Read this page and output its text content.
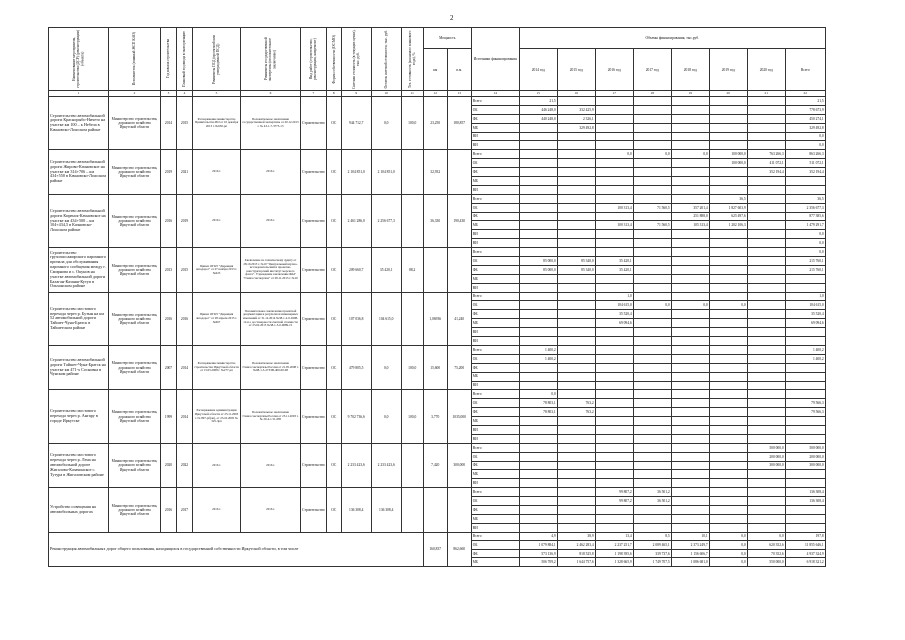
2
Наименование мероприятия, строительства (ДСР) (реконструкции) (объекта)	Исполнитель (главный ЖСП КАО)	Год начала строительства	Плановый год ввода в эксплуатацию	Реквизиты ПСД (проектной или утвержденной ПСД)	Реквизиты государственной экспертизы (положительное заключение)	Вид работ (строительство, реконструкция, капремонт)	Форма собственности (ОС/МО)	Сметная стоимость (в текущих ценах), тыс. руб.	Остаток сметной стоимости, тыс. руб.	Тех. готовность (на начало планового года), %	Мощность		Источники финансирования	Объемы финансирования, тыс.руб.							
											км	п.м.		2014 год	2015 год	2016 год	2017 год	2018 год	2019 год	2020 год	Всего
1	2	3	4	5	6	7	8	9	10	11	12	13	14	15	16	17	18	19	20	21	22
Строительство автомобильной дороги Краснорыбо-Ничето на участке км 100 – к Небела в Качновско-Лоасском районе	Министерство строительства, дорожного хозяйства Иркутской области	2014	2015	Распоряжение министерства Правительства ИО от 10 декабря 2013 г. №650-рп	Положительное заключение государственной экспертизы от 20.12.2013 г. № 43-1-7-3775-13	Строительство	ОС	944 712,7	0,0	100,0	23,250	180,857	Всего	21,5							21,5
													ОБ	446 248,0	332 425,9						778 673,9
													ФБ	440 248,0	2 326,1						450 274,1
													МБ		329 492,8						329 492,8
													ВИ								0,0
													ВИ								0,0
Строительство автомобильной дороги Жирово-Качновское на участке км 314+706 – км 434+550 в Качновско-Лоасском районе	Министерство строительства, дорожного хозяйства Иркутской области	2019	2021	2016 г.	2016 г.	Строительство	ОС	2 104 851,0	2 104 851,0		32,932		Всего			0,0	0,0	0,0	100 000,0	763 266,3	863 266,3
													ОБ						100 000,0	411 072,1	511 072,1
													ФБ							352 194,4	352 194,4
													МБ								
													ВИ								
Строительство автомобильной дороги Киренск-Качновское на участке км 434+500 – км 104+434,5 в Качновско-Лоасском районе	Министерство строительства, дорожного хозяйства Иркутской области	2016	2019	2016 г.	2016 г.	Строительство	ОС	2 461 286,0	2 256 677,3		36,330	190,430	Всего						36,5		36,5
													ОБ			100 313,4	71 560,5	357 201,4	1 827 603,9		2 356 677,3
													ФБ					251 888,0	625 497,6		877 385,6
													МБ			100 313,4	71 560,5	105 313,4	1 202 106,3		1 479 291,7
													ВИ								0,0
													ВИ								0,0
Строительство грузопассажирского паромного причала для обслуживания паромного сообщения между г. Смирнова и с. Окунов на участке автомобильной дороги Балаган-Казанш-Кутуп в Ольхонском районе	Министерство строительства, дорожного хозяйства Иркутской области	2013	2015	Приказ ОГКУ "Дирекция автодорог" от 27 ноября 2013 г. №623	Заключение по техническому аудиту от 28.10.2013 г. №10 "Центральный научно-исследовательский и проектно-конструкторский институт морского флота". Учреждение заключение ФАУ "Главгосэкспертиза" от 28.11.2013 г. №10	Строительство	ОС	209 660,7	35 420,1	88,2			Всего								0,0
													ОБ	85 000,0	85 340,0	35 420,1					215 760,1
													ФБ	85 000,0	85 340,0	35 420,1					215 760,1
													МБ								
													ВИ								
Строительство мостового перехода через р. Бутын на км 52 автомобильной дороги Тайшет-Чуна-Братск в Тайшетском районе	Министерство строительства, дорожного хозяйства Иркутской области	2016	2016	Приказ ОГКУ "Дирекция автодорог" от 28 апреля 2015 г. №667	Положительное заключение проектной документации и результатов инженерных изысканий от 31.12.2014 №38-1-2-0-0208-14 и о достоверности сметной стоимости от 25.02.2015 №38-1-5-0-0089-15	Строительство	ОС	107 036,8	104 615,0		1,06936	41,240	Всего			1,0					1,0
													ОБ			104 615,0	0,0	0,0	0,0		104 615,0
													ФБ			35 520,4					35 520,4
													МБ			69 094,6					69 094,6
													ВИ								
													ВИ								
Строительство автомобильной дороги Тайшет-Чуна-Братск на участке км 471-х Сосновка в Чунском районе	Министерство строительства, дорожного хозяйства Иркутской области	2007	2014	Распоряжение министерства строительства Иркутской области от 15.05.2008 г. №277-рп	Положительное заключение Главгосэкспертизы России от 21.05.2008 г. №08-1-3-273/08-400-00-08	Строительство	ОС	479 805,5	0,0	100,0	15,600	75,200	Всего	1 400,2							1 400,2
													ОБ	1 400,2							1 400,2
													ФБ								
													МБ								
													ВИ								
Строительство мостового перехода через р. Ангару в городе Иркутске	Министерство строительства, дорожного хозяйства Иркутской области	1999	2014	Распоряжение администрации Иркутской области от 25.11.2003 г. № 807-рб(ап), от 25.10.2005 № 325-3рп	Положительное заключение Главгосэкспертизы России от 25.11.2003 г. № 20-4-1/11-085	Строительство	ОС	9 702 736,6	0,0	100,0	3,770	1035,000	Всего	0,0							
													ОБ	78 803,1	763,2						79 566,3
													ФБ	78 803,1	763,2						79 566,3
													МБ								
													ВИ								
													ВИ								
Строительство мостового перехода через р. Лена на автомобильной дороге Жигалово-Казачинское с. Тутура в Жигаловском районе	Министерство строительства, дорожного хозяйства Иркутской области	2020	2022	2016 г.	2016 г.	Строительство	ОС	2 233 423,6	2 233 423,6		7,420	300,000	Всего							500 000,0	500 000,0
													ОБ							200 000,0	200 000,0
													ФБ							300 000,0	300 000,0
													МБ								
													ВИ								
Устройство освещения на автомобильных дорогах	Министерство строительства, дорожного хозяйства Иркутской области	2016	2017	2016 г.	2016 г.	Строительство	ОС	136 308,4	136 308,4				Всего			99 807,2	36 501,2				136 308,4
													ОБ			99 807,2	36 501,2				136 308,4
													ФБ								
													МБ								
													ВИ								
Реконструкция автомобильных дорог общего пользования, находящихся в государственной собственности Иркутской области, в том числе											160,837	862,660	Всего	4,9	38,9	13,4	8,5	10,1	0,0	0,0	197,8
													ОБ	1 079 884,1	2 462 283,4	2 237 251,7	2 089 465,1	2 373 249,7	0,0	620 352,6	11 855 646,1
													ФБ	573 136,9	818 525,8	1 198 395,6	339 737,6	1 156 606,7	0,0	70 352,6	4 937 324,9
													МБ	506 709,2	1 644 757,6	1 328 665,9	1 749 707,5	1 086 681,0	0,0	550 000,0	6 918 321,2
